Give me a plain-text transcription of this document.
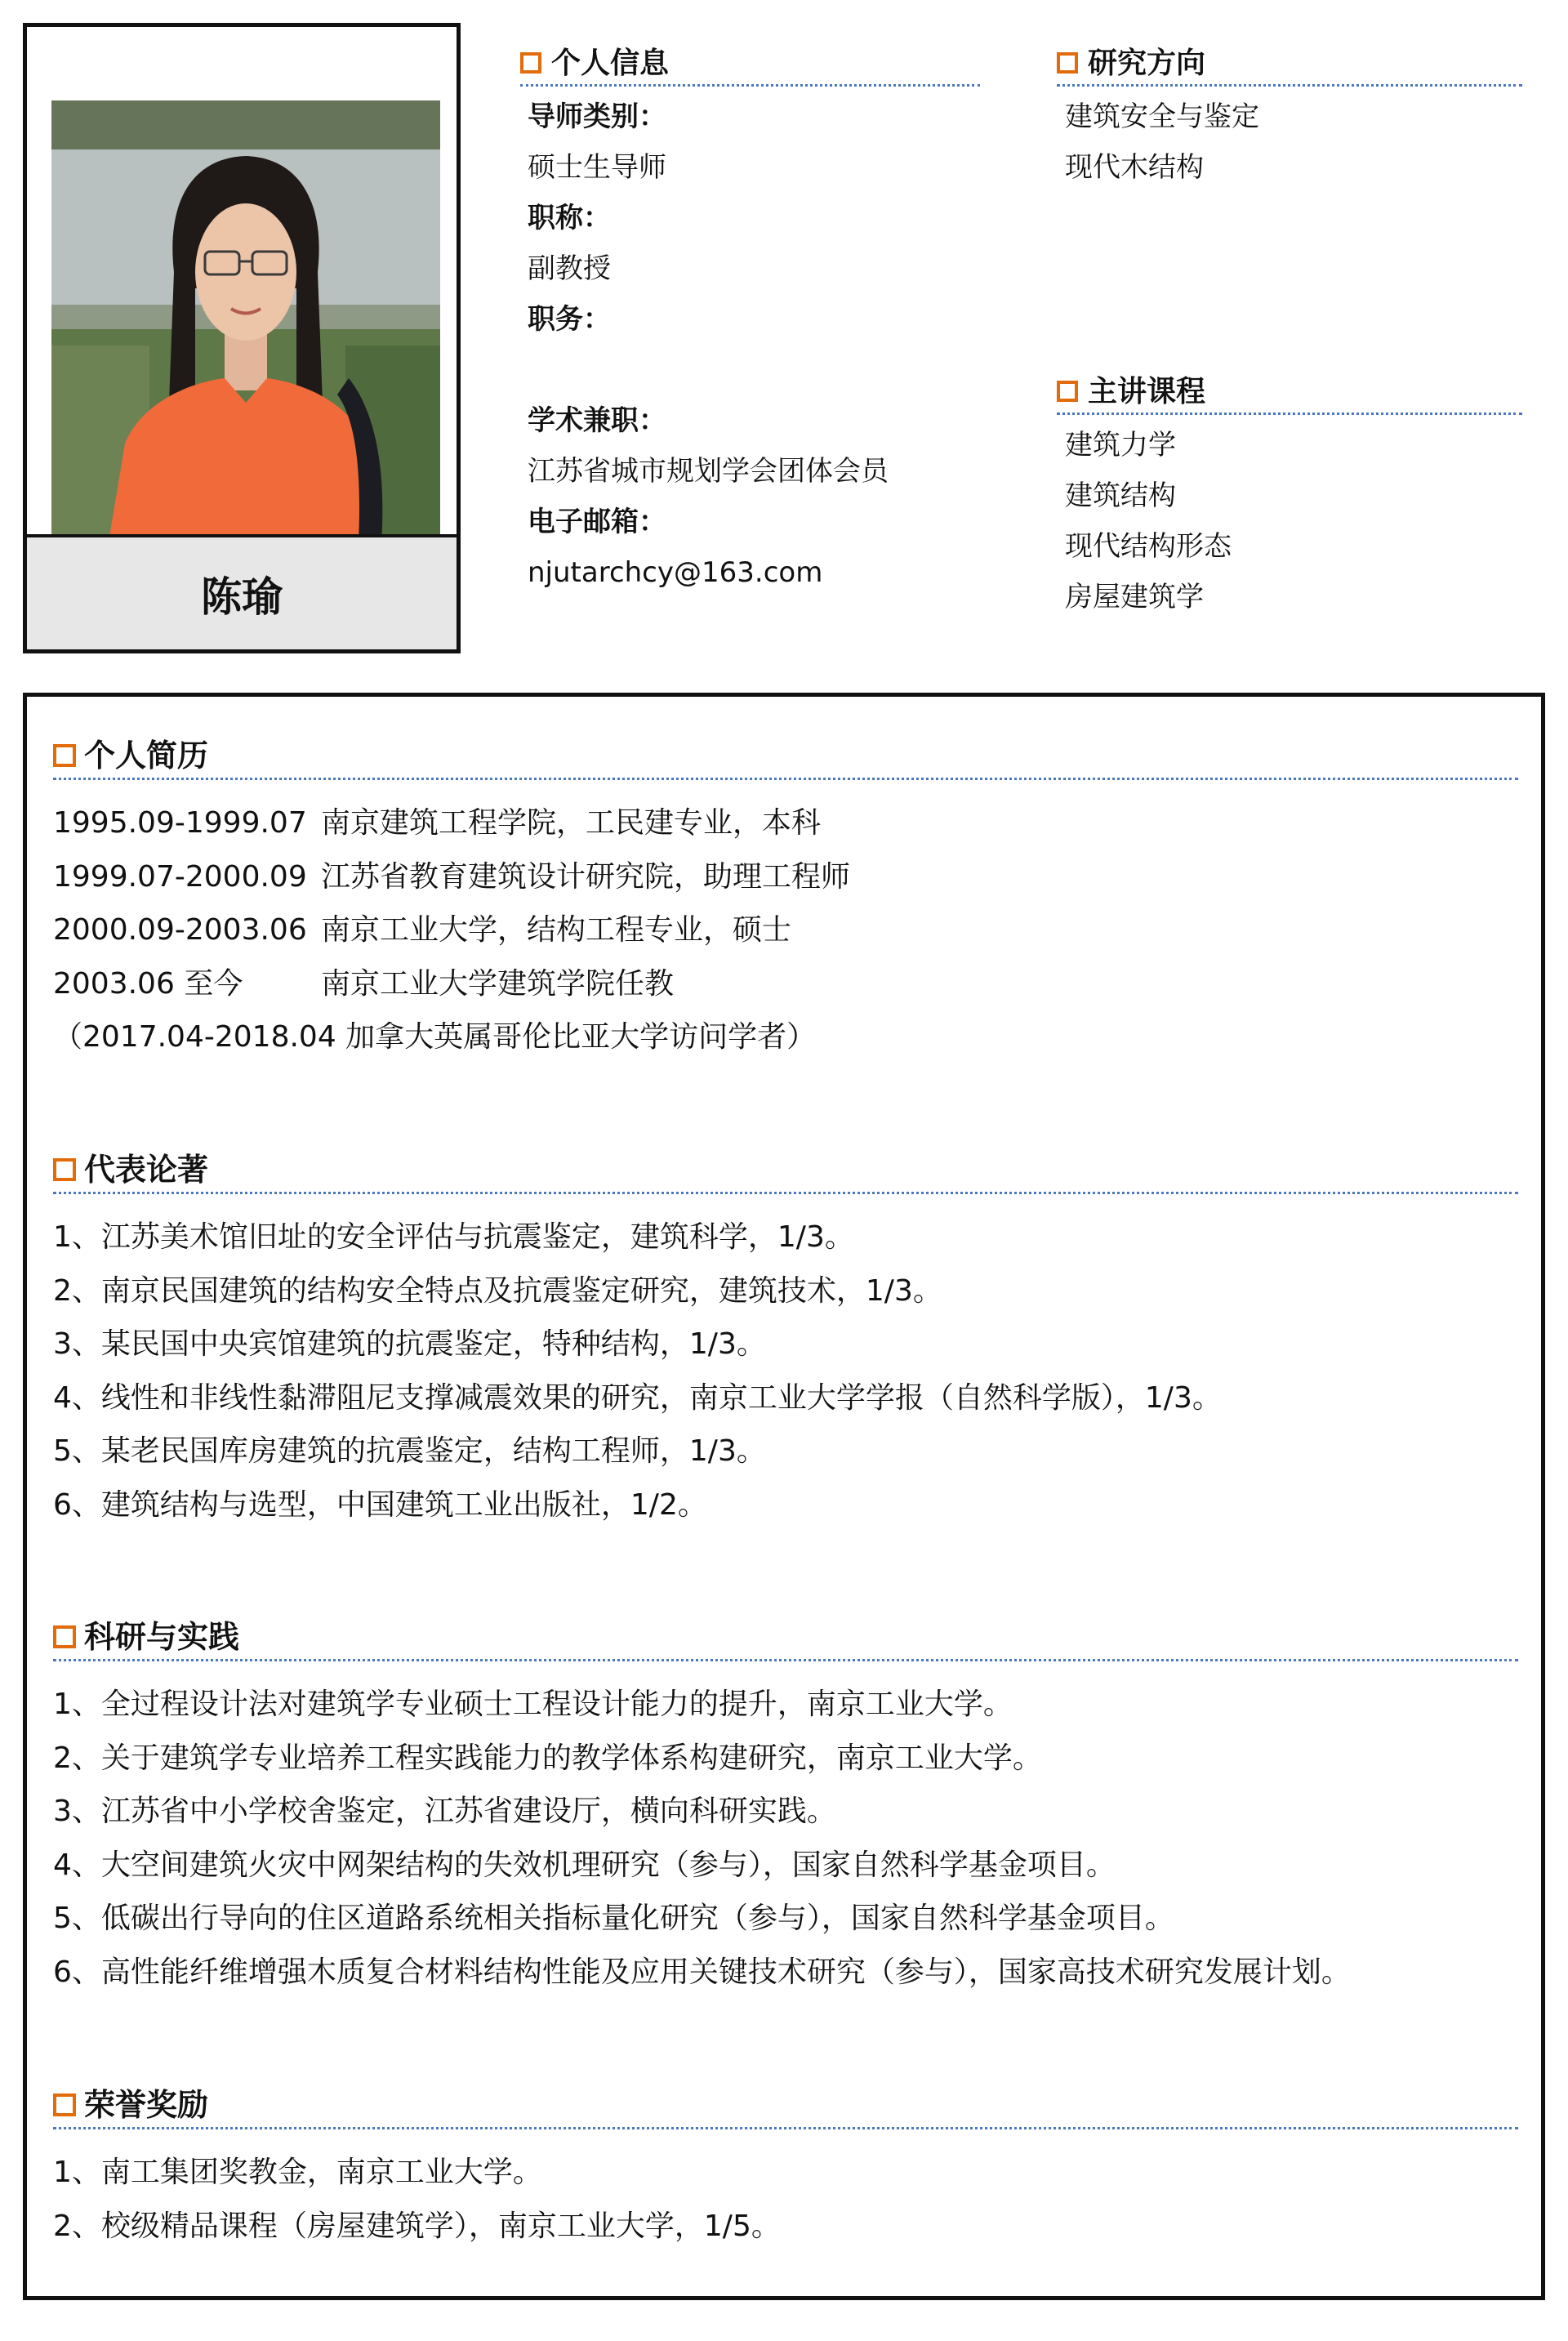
陈瑜
个人信息
导师类别：
硕士生导师
职称：
副教授
职务：
学术兼职：
江苏省城市规划学会团体会员
电子邮箱：
njutarchcy@163.com
研究方向
建筑安全与鉴定
现代木结构
主讲课程
建筑力学
建筑结构
现代结构形态
房屋建筑学
个人简历
1995.09-1999.07 南京建筑工程学院，工民建专业，本科
1999.07-2000.09 江苏省教育建筑设计研究院，助理工程师
2000.09-2003.06 南京工业大学，结构工程专业，硕士
2003.06 至今	南京工业大学建筑学院任教
（2017.04-2018.04 加拿大英属哥伦比亚大学访问学者）
代表论著
1、江苏美术馆旧址的安全评估与抗震鉴定，建筑科学，1/3。
2、南京民国建筑的结构安全特点及抗震鉴定研究，建筑技术，1/3。
3、某民国中央宾馆建筑的抗震鉴定，特种结构，1/3。
4、线性和非线性黏滞阻尼支撑减震效果的研究，南京工业大学学报（自然科学版），1/3。
5、某老民国库房建筑的抗震鉴定，结构工程师，1/3。
6、建筑结构与选型，中国建筑工业出版社，1/2。
科研与实践
1、全过程设计法对建筑学专业硕士工程设计能力的提升，南京工业大学。
2、关于建筑学专业培养工程实践能力的教学体系构建研究，南京工业大学。
3、江苏省中小学校舍鉴定，江苏省建设厅，横向科研实践。
4、大空间建筑火灾中网架结构的失效机理研究（参与），国家自然科学基金项目。
5、低碳出行导向的住区道路系统相关指标量化研究（参与），国家自然科学基金项目。
6、高性能纤维增强木质复合材料结构性能及应用关键技术研究（参与），国家高技术研究发展计划。
荣誉奖励
1、南工集团奖教金，南京工业大学。
2、校级精品课程（房屋建筑学），南京工业大学，1/5。
